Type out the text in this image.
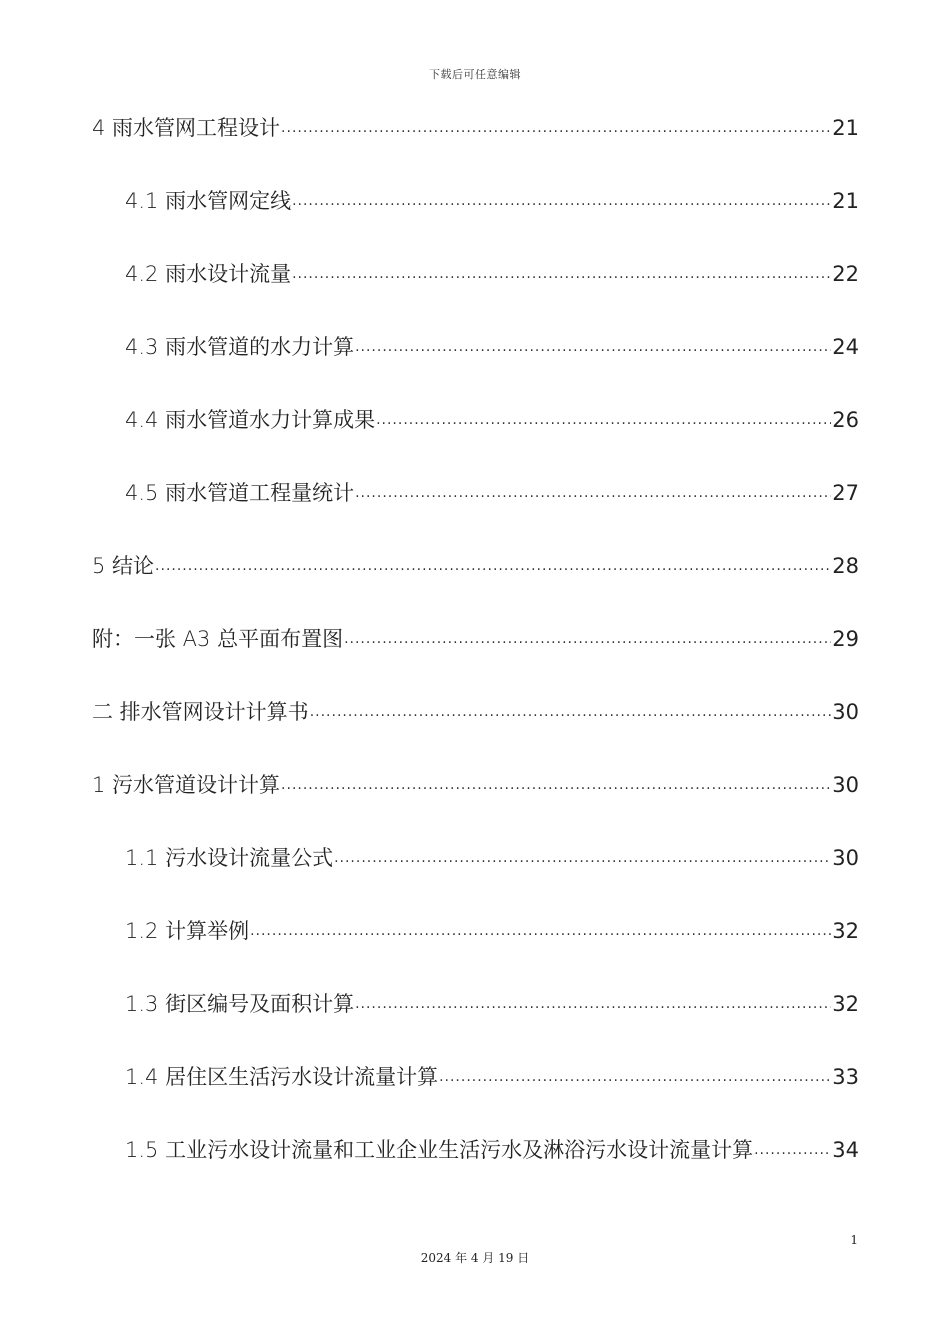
下载后可任意编辑
4 雨水管网工程设计 .....	21
4.1 雨水管网定线 .....	21
4.2 雨水设计流量 .....	22
4.3 雨水管道的水力计算 .....	24
4.4 雨水管道水力计算成果 .....	26
4.5 雨水管道工程量统计 .....	27
5 结论 .....	28
附：一张 A3 总平面布置图 .....	29
二 排水管网设计计算书 .....	30
1 污水管道设计计算 .....	30
1.1 污水设计流量公式 .....	30
1.2 计算举例 .....	32
1.3 街区编号及面积计算 .....	32
1.4 居住区生活污水设计流量计算 .....	33
1.5 工业污水设计流量和工业企业生活污水及淋浴污水设计流量计算 .....	34
1
2024 年 4 月 19 日
